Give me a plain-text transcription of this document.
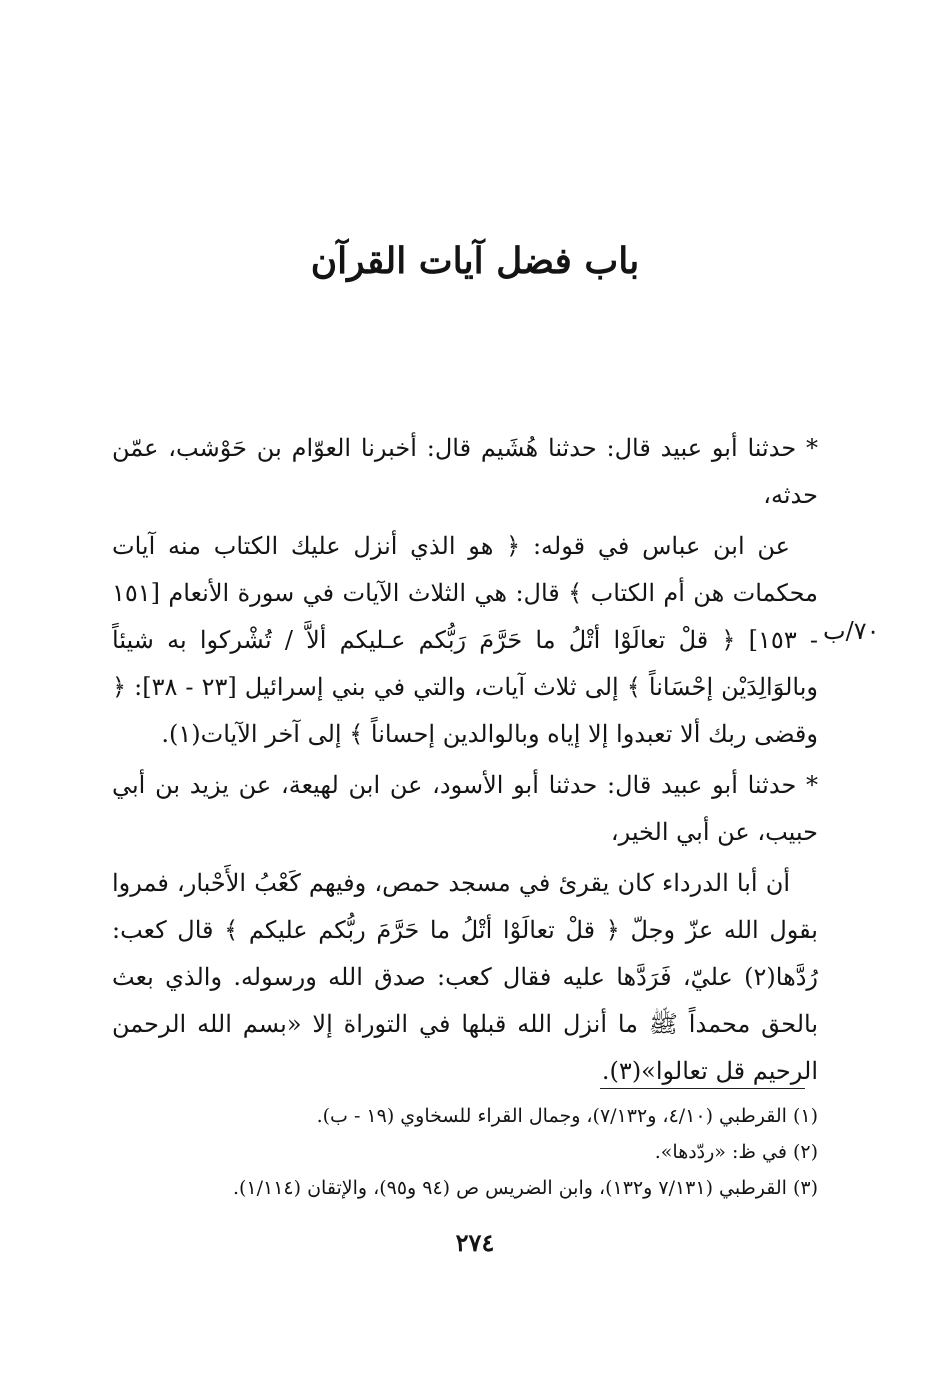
باب فضل آيات القرآن
٧٠/ب

* حدثنا أبو عبيد قال: حدثنا هُشَيم قال: أخبرنا العوّام بن حَوْشب، عمّن حدثه،

عن ابن عباس في قوله: ﴿ هو الذي أنزل عليك الكتاب منه آيات محكمات هن أم الكتاب ﴾ قال: هي الثلاث الآيات في سورة الأنعام [١٥١ - ١٥٣] ﴿ قلْ تعالَوْا أتْلُ ما حَرَّمَ رَبُّكم عـليكم ألاَّ / تُشْركوا به شيئاً وبالوَالِدَيْن إحْسَاناً ﴾ إلى ثلاث آيات، والتي في بني إسرائيل [٢٣ - ٣٨]: ﴿ وقضى ربك ألا تعبدوا إلا إياه وبالوالدين إحساناً ﴾ إلى آخر الآيات(١).

* حدثنا أبو عبيد قال: حدثنا أبو الأسود، عن ابن لهيعة، عن يزيد بن أبي حبيب، عن أبي الخير،

أن أبا الدرداء كان يقرئ في مسجد حمص، وفيهم كَعْبُ الأَحْبار، فمروا بقول الله عزّ وجلّ ﴿ قلْ تعالَوْا أتْلُ ما حَرَّمَ ربُّكم عليكم ﴾ قال كعب: رُدَّها(٢) عليّ، فَرَدَّها عليه فقال كعب: صدق الله ورسوله. والذي بعث بالحق محمداً ﷺ ما أنزل الله قبلها في التوراة إلا «بسم الله الرحمن الرحيم قل تعالوا»(٣).

(١) القرطبي (٤/١٠، و٧/١٣٢)، وجمال القراء للسخاوي (١٩ - ب).
(٢) في ظ: «ردّدها».
(٣) القرطبي (٧/١٣١ و١٣٢)، وابن الضريس ص (٩٤ و٩٥)، والإتقان (١/١١٤).
٢٧٤
